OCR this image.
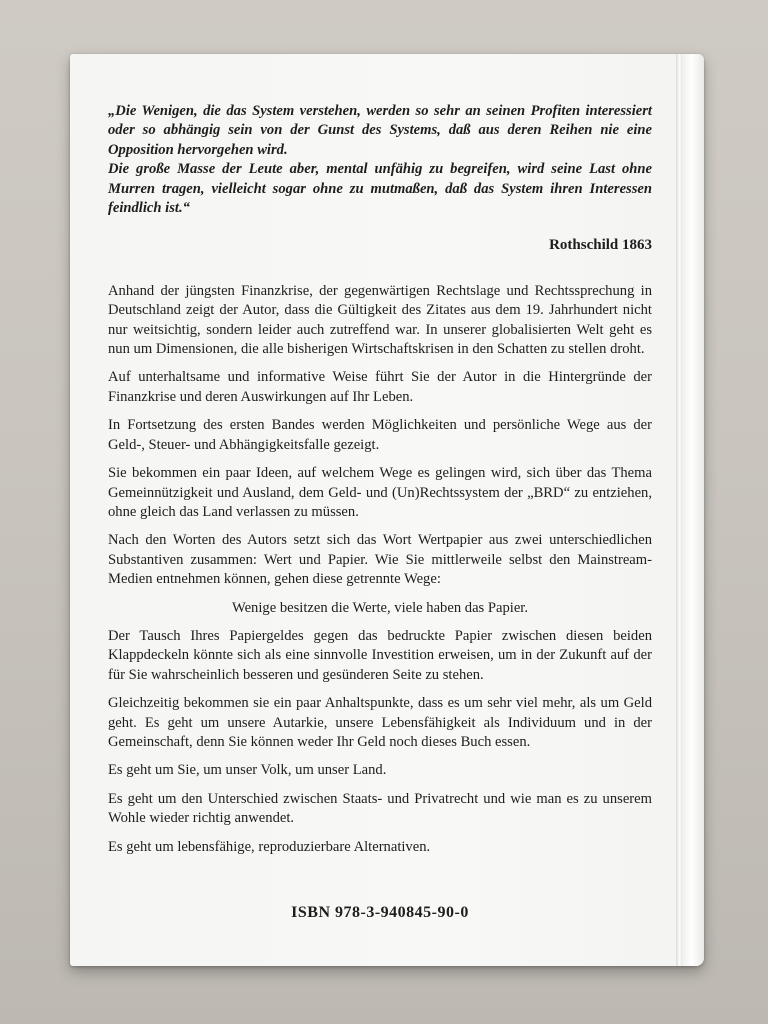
„Die Wenigen, die das System verstehen, werden so sehr an seinen Profiten interessiert oder so abhängig sein von der Gunst des Systems, daß aus deren Reihen nie eine Opposition hervorgehen wird.

Die große Masse der Leute aber, mental unfähig zu begreifen, wird seine Last ohne Murren tragen, vielleicht sogar ohne zu mutmaßen, daß das System ihren Interessen feindlich ist.“

Rothschild 1863

Anhand der jüngsten Finanzkrise, der gegenwärtigen Rechtslage und Rechtssprechung in Deutschland zeigt der Autor, dass die Gültigkeit des Zitates aus dem 19. Jahrhundert nicht nur weitsichtig, sondern leider auch zutreffend war. In unserer globalisierten Welt geht es nun um Dimensionen, die alle bisherigen Wirtschaftskrisen in den Schatten zu stellen droht.

Auf unterhaltsame und informative Weise führt Sie der Autor in die Hintergründe der Finanzkrise und deren Auswirkungen auf Ihr Leben.

In Fortsetzung des ersten Bandes werden Möglichkeiten und persönliche Wege aus der Geld-, Steuer- und Abhängigkeitsfalle gezeigt.

Sie bekommen ein paar Ideen, auf welchem Wege es gelingen wird, sich über das Thema Gemeinnützigkeit und Ausland, dem Geld- und (Un)Rechtssystem der „BRD“ zu entziehen, ohne gleich das Land verlassen zu müssen.

Nach den Worten des Autors setzt sich das Wort Wertpapier aus zwei unterschiedlichen Substantiven zusammen: Wert und Papier. Wie Sie mittlerweile selbst den Mainstream-Medien entnehmen können, gehen diese getrennte Wege:

Wenige besitzen die Werte, viele haben das Papier.

Der Tausch Ihres Papiergeldes gegen das bedruckte Papier zwischen diesen beiden Klappdeckeln könnte sich als eine sinnvolle Investition erweisen, um in der Zukunft auf der für Sie wahrscheinlich besseren und gesünderen Seite zu stehen.

Gleichzeitig bekommen sie ein paar Anhaltspunkte, dass es um sehr viel mehr, als um Geld geht. Es geht um unsere Autarkie, unsere Lebensfähigkeit als Individuum und in der Gemeinschaft, denn Sie können weder Ihr Geld noch dieses Buch essen.

Es geht um Sie, um unser Volk, um unser Land.

Es geht um den Unterschied zwischen Staats- und Privatrecht und wie man es zu unserem Wohle wieder richtig anwendet.

Es geht um lebensfähige, reproduzierbare Alternativen.

ISBN 978-3-940845-90-0
